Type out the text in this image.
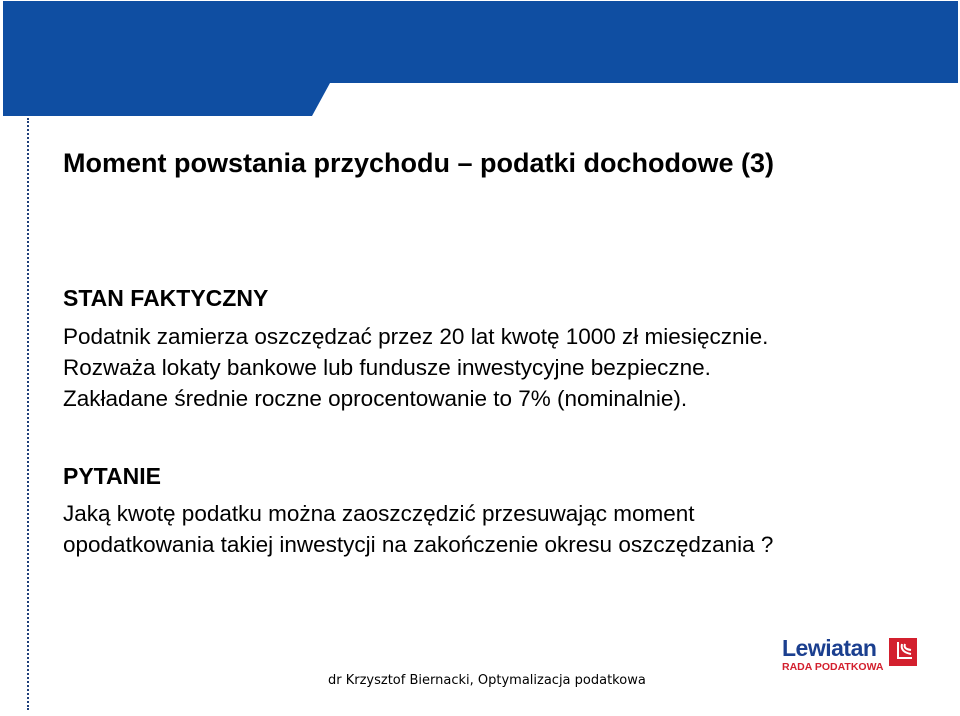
Moment powstania przychodu – podatki dochodowe (3)
STAN FAKTYCZNY
Podatnik zamierza oszczędzać przez 20 lat kwotę 1000 zł miesięcznie.
Rozważa lokaty bankowe lub fundusze inwestycyjne bezpieczne.
Zakładane średnie roczne oprocentowanie to 7% (nominalnie).
PYTANIE
Jaką kwotę podatku można zaoszczędzić przesuwając moment
opodatkowania takiej inwestycji na zakończenie okresu oszczędzania ?
Lewiatan
RADA PODATKOWA
dr Krzysztof Biernacki, Optymalizacja podatkowa
